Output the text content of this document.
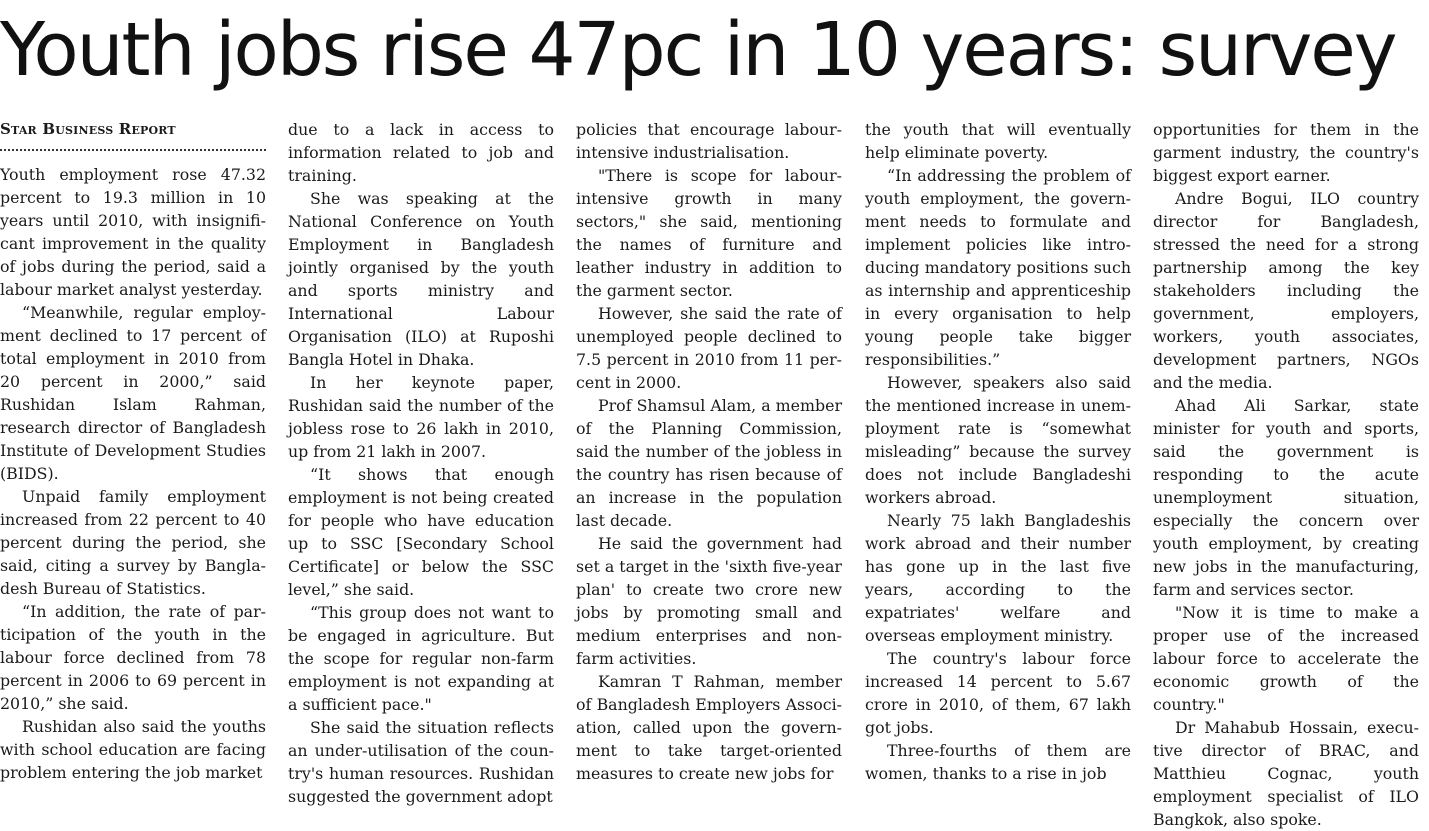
Youth jobs rise 47pc in 10 years: survey
Star Business Report

Youth employment rose 47.32 percent to 19.3 million in 10 years until 2010, with insignificant improvement in the quality of jobs during the period, said a labour market analyst yesterday.

“Meanwhile, regular employment declined to 17 percent of total employment in 2010 from 20 percent in 2000,” said Rushidan Islam Rahman, research director of Bangladesh Institute of Development Studies (BIDS).

Unpaid family employment increased from 22 percent to 40 percent during the period, she said, citing a survey by Bangladesh Bureau of Statistics.

“In addition, the rate of participation of the youth in the labour force declined from 78 percent in 2006 to 69 percent in 2010,” she said.

Rushidan also said the youths with school education are facing problem entering the job market

due to a lack in access to information related to job and training.

She was speaking at the National Conference on Youth Employment in Bangladesh jointly organised by the youth and sports ministry and International Labour Organisation (ILO) at Ruposhi Bangla Hotel in Dhaka.

In her keynote paper, Rushidan said the number of the jobless rose to 26 lakh in 2010, up from 21 lakh in 2007.

“It shows that enough employment is not being created for people who have education up to SSC [Secondary School Certificate] or below the SSC level,” she said.

“This group does not want to be engaged in agriculture. But the scope for regular non-farm employment is not expanding at a sufficient pace."

She said the situation reflects an under-utilisation of the country's human resources. Rushidan suggested the government adopt

policies that encourage labour-intensive industrialisation.

"There is scope for labour-intensive growth in many sectors," she said, mentioning the names of furniture and leather industry in addition to the garment sector.

However, she said the rate of unemployed people declined to 7.5 percent in 2010 from 11 percent in 2000.

Prof Shamsul Alam, a member of the Planning Commission, said the number of the jobless in the country has risen because of an increase in the population last decade.

He said the government had set a target in the 'sixth five-year plan' to create two crore new jobs by promoting small and medium enterprises and non-farm activities.

Kamran T Rahman, member of Bangladesh Employers Association, called upon the government to take target-oriented measures to create new jobs for

the youth that will eventually help eliminate poverty.

“In addressing the problem of youth employment, the government needs to formulate and implement policies like introducing mandatory positions such as internship and apprenticeship in every organisation to help young people take bigger responsibilities.”

However, speakers also said the mentioned increase in unemployment rate is “somewhat misleading” because the survey does not include Bangladeshi workers abroad.

Nearly 75 lakh Bangladeshis work abroad and their number has gone up in the last five years, according to the expatriates' welfare and overseas employment ministry.

The country's labour force increased 14 percent to 5.67 crore in 2010, of them, 67 lakh got jobs.

Three-fourths of them are women, thanks to a rise in job

opportunities for them in the garment industry, the country's biggest export earner.

Andre Bogui, ILO country director for Bangladesh, stressed the need for a strong partnership among the key stakeholders including the government, employers, workers, youth associates, development partners, NGOs and the media.

Ahad Ali Sarkar, state minister for youth and sports, said the government is responding to the acute unemployment situation, especially the concern over youth employment, by creating new jobs in the manufacturing, farm and services sector.

"Now it is time to make a proper use of the increased labour force to accelerate the economic growth of the country."

Dr Mahabub Hossain, executive director of BRAC, and Matthieu Cognac, youth employment specialist of ILO Bangkok, also spoke.
